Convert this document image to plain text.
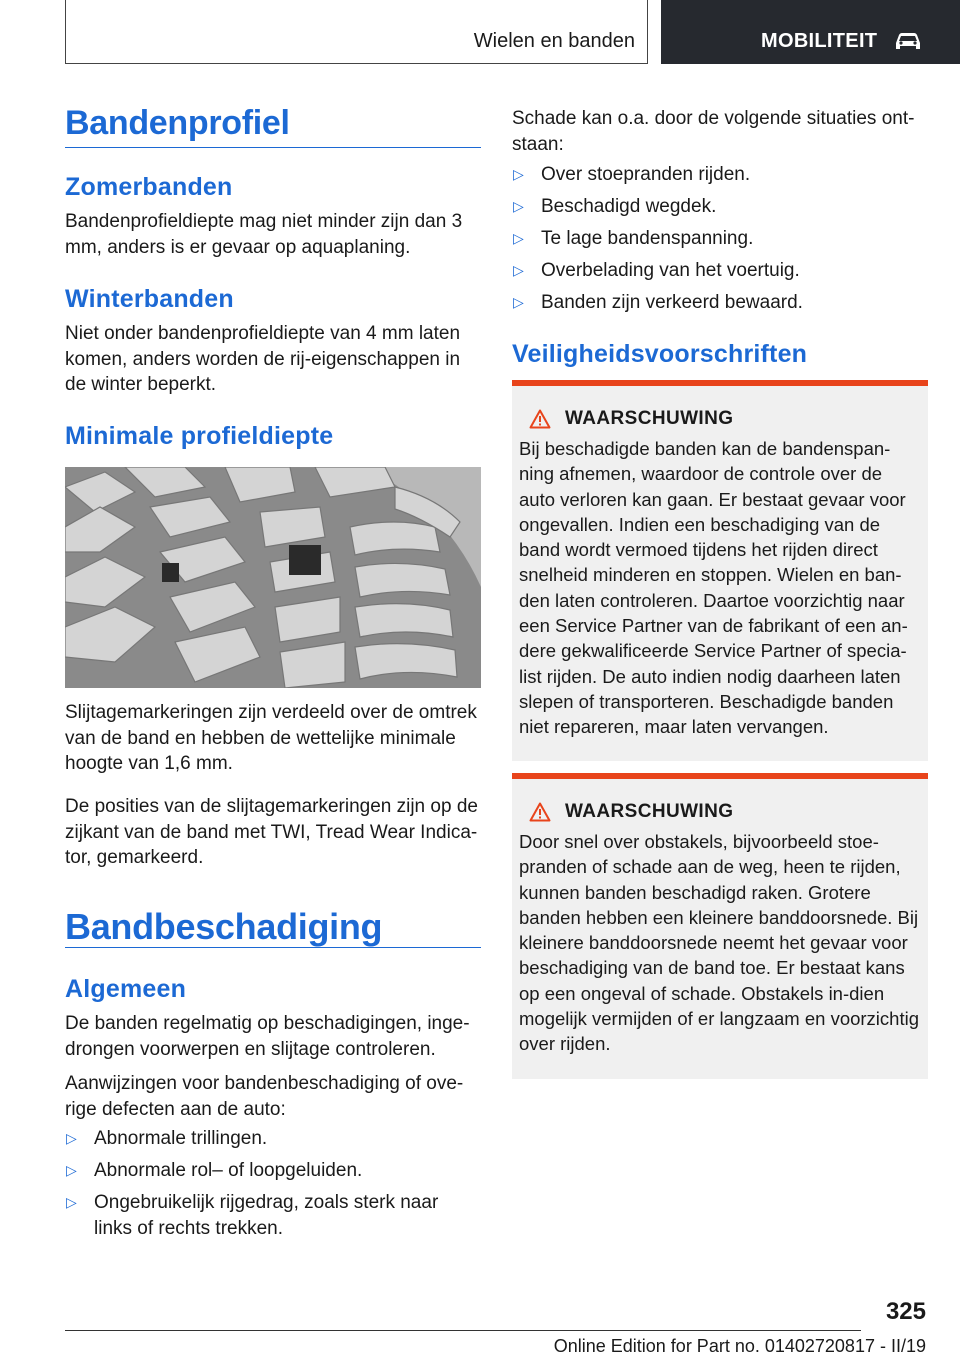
Wielen en banden	MOBILITEIT
Bandenprofiel
Zomerbanden

Bandenprofieldiepte mag niet minder zijn dan 3 mm, anders is er gevaar op aquaplaning.

Winterbanden

Niet onder bandenprofieldiepte van 4 mm laten komen, anders worden de rij-eigenschappen in de winter beperkt.

Minimale profieldiepte

Slijtagemarkeringen zijn verdeeld over de omtrek van de band en hebben de wettelijke minimale hoogte van 1,6 mm.

De posities van de slijtagemarkeringen zijn op de zijkant van de band met TWI, Tread Wear Indica-tor, gemarkeerd.

Bandbeschadiging
Algemeen

De banden regelmatig op beschadigingen, inge-drongen voorwerpen en slijtage controleren.

Aanwijzingen voor bandenbeschadiging of ove-rige defecten aan de auto:

▷ Abnormale trillingen.
▷ Abnormale rol– of loopgeluiden.
▷ Ongebruikelijk rijgedrag, zoals sterk naar links of rechts trekken.

Schade kan o.a. door de volgende situaties ont-staan:

▷ Over stoepranden rijden.
▷ Beschadigd wegdek.
▷ Te lage bandenspanning.
▷ Overbelading van het voertuig.
▷ Banden zijn verkeerd bewaard.
Veiligheidsvoorschriften
WAARSCHUWING

Bij beschadigde banden kan de bandenspan-ning afnemen, waardoor de controle over de auto verloren kan gaan. Er bestaat gevaar voor ongevallen. Indien een beschadiging van de band wordt vermoed tijdens het rijden direct snelheid minderen en stoppen. Wielen en ban-den laten controleren. Daartoe voorzichtig naar een Service Partner van de fabrikant of een an-dere gekwalificeerde Service Partner of specia-list rijden. De auto indien nodig daarheen laten slepen of transporteren. Beschadigde banden niet repareren, maar laten vervangen.

WAARSCHUWING

Door snel over obstakels, bijvoorbeeld stoe-pranden of schade aan de weg, heen te rijden, kunnen banden beschadigd raken. Grotere banden hebben een kleinere banddoorsnede. Bij kleinere banddoorsnede neemt het gevaar voor beschadiging van de band toe. Er bestaat kans op een ongeval of schade. Obstakels in-dien mogelijk vermijden of er langzaam en voorzichtig over rijden.

325
Online Edition for Part no. 01402720817 - II/19
